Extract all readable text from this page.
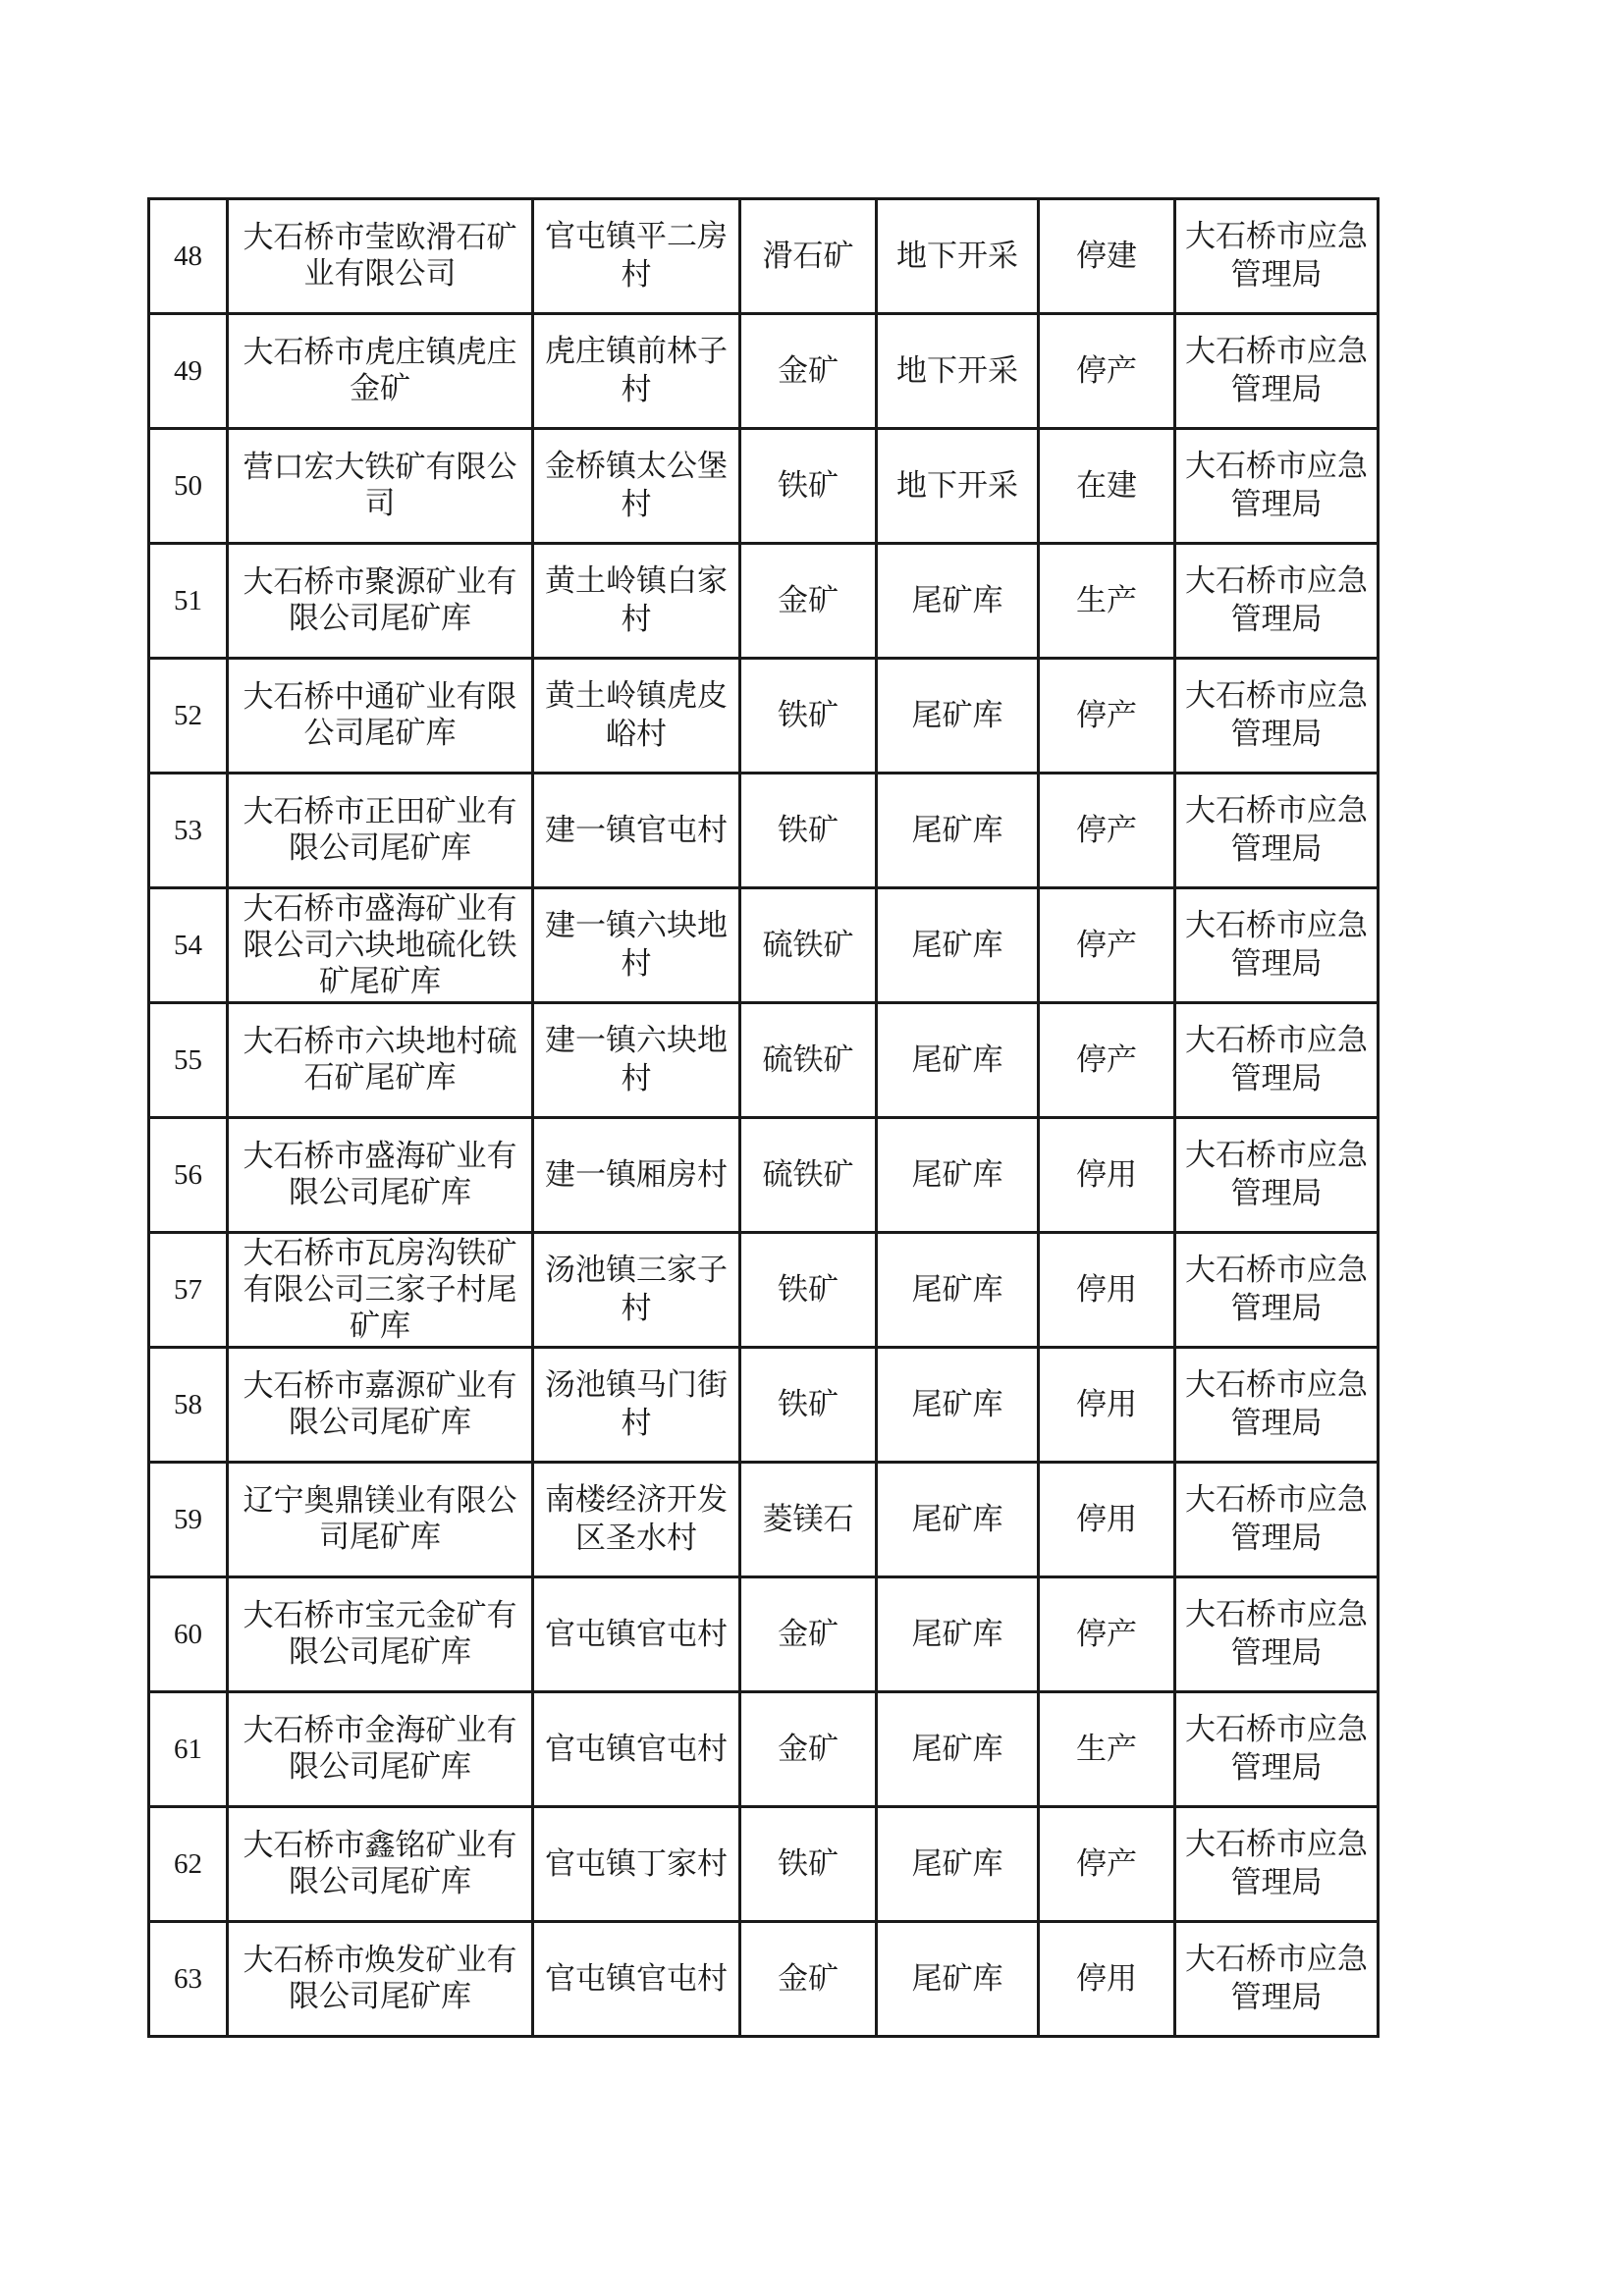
48	大石桥市莹欧滑石矿业有限公司	官屯镇平二房村	滑石矿	地下开采	停建	大石桥市应急管理局

49	大石桥市虎庄镇虎庄金矿	虎庄镇前林子村	金矿	地下开采	停产	大石桥市应急管理局

50	营口宏大铁矿有限公司	金桥镇太公堡村	铁矿	地下开采	在建	大石桥市应急管理局

51	大石桥市聚源矿业有限公司尾矿库	黄土岭镇白家村	金矿	尾矿库	生产	大石桥市应急管理局

52	大石桥中通矿业有限公司尾矿库	黄土岭镇虎皮峪村	铁矿	尾矿库	停产	大石桥市应急管理局

53	大石桥市正田矿业有限公司尾矿库	建一镇官屯村	铁矿	尾矿库	停产	大石桥市应急管理局

54	大石桥市盛海矿业有限公司六块地硫化铁矿尾矿库	建一镇六块地村	硫铁矿	尾矿库	停产	大石桥市应急管理局

55	大石桥市六块地村硫石矿尾矿库	建一镇六块地村	硫铁矿	尾矿库	停产	大石桥市应急管理局

56	大石桥市盛海矿业有限公司尾矿库	建一镇厢房村	硫铁矿	尾矿库	停用	大石桥市应急管理局

57	大石桥市瓦房沟铁矿有限公司三家子村尾矿库	汤池镇三家子村	铁矿	尾矿库	停用	大石桥市应急管理局

58	大石桥市嘉源矿业有限公司尾矿库	汤池镇马门街村	铁矿	尾矿库	停用	大石桥市应急管理局

59	辽宁奥鼎镁业有限公司尾矿库	南楼经济开发区圣水村	菱镁石	尾矿库	停用	大石桥市应急管理局

60	大石桥市宝元金矿有限公司尾矿库	官屯镇官屯村	金矿	尾矿库	停产	大石桥市应急管理局

61	大石桥市金海矿业有限公司尾矿库	官屯镇官屯村	金矿	尾矿库	生产	大石桥市应急管理局

62	大石桥市鑫铭矿业有限公司尾矿库	官屯镇丁家村	铁矿	尾矿库	停产	大石桥市应急管理局

63	大石桥市焕发矿业有限公司尾矿库	官屯镇官屯村	金矿	尾矿库	停用	大石桥市应急管理局
